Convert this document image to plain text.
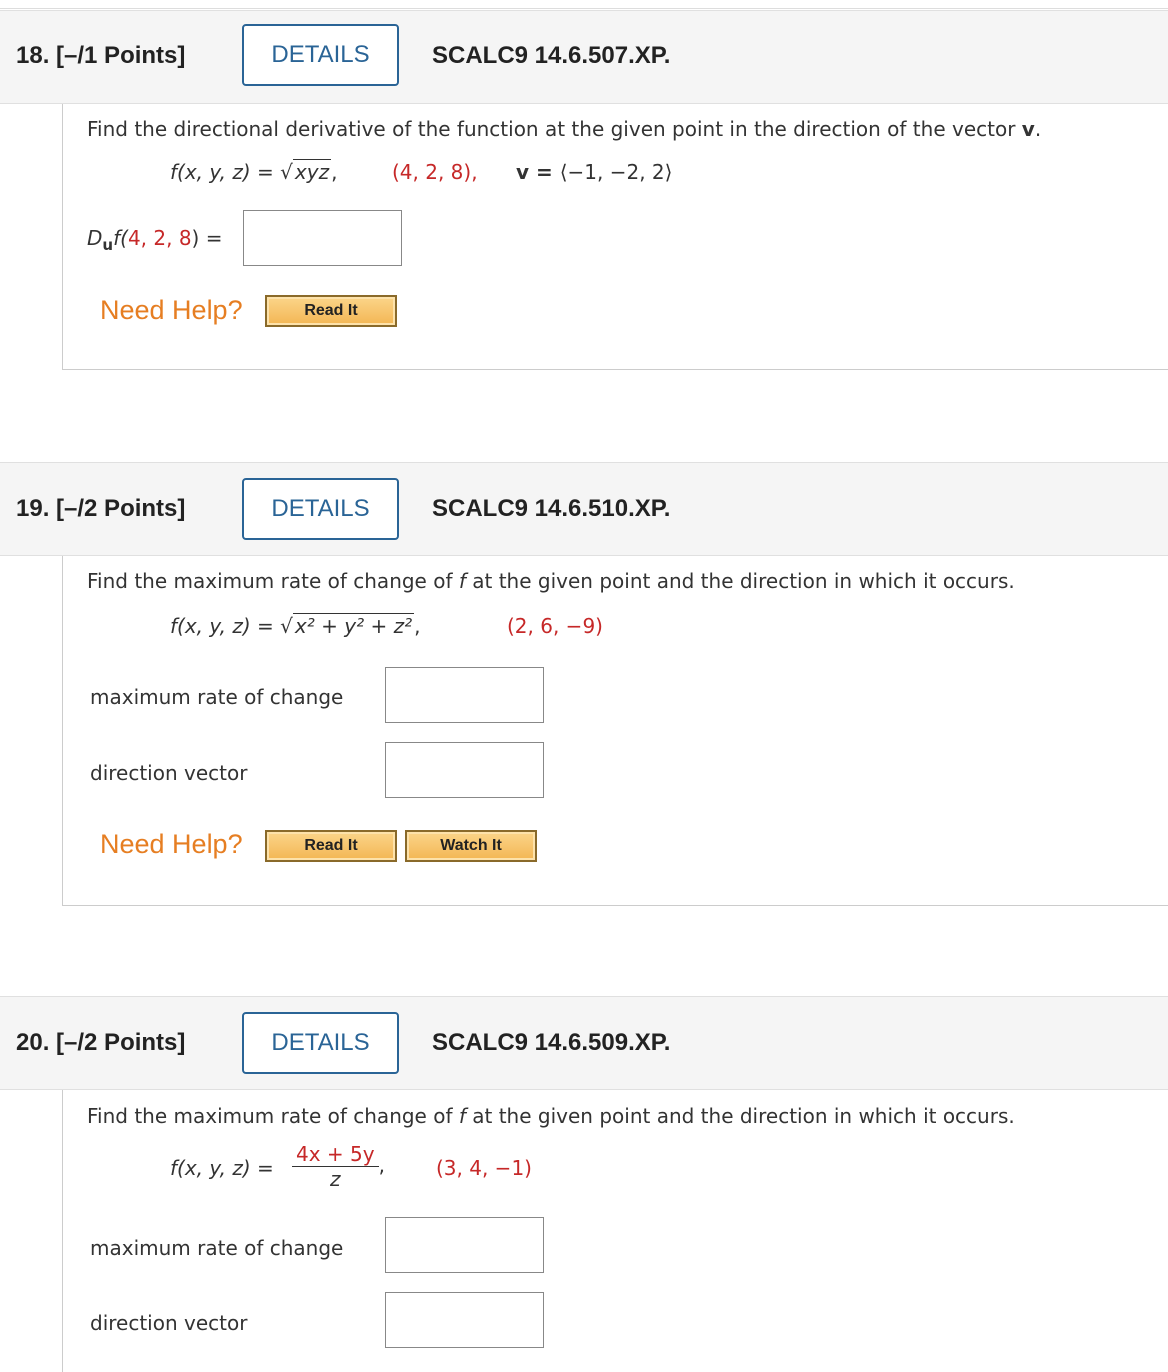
18. [–/1 Points]	DETAILS	SCALC9 14.6.507.XP.
Find the directional derivative of the function at the given point in the direction of the vector v.
f(x, y, z) = √ xyz ,	(4, 2, 8), v = ⟨−1, −2, 2⟩
$D_uf(4$, 2, 8) =
Need Help?	Read It
19. [–/2 Points]	DETAILS	SCALC9 14.6.510.XP.
Find the maximum rate of change of f at the given point and the direction in which it occurs.
f(x, y, z) = √ x² + y² + z² ,	(2, 6, −9)
maximum rate of change
direction vector
Need Help?	Read It	Watch It
20. [–/2 Points]	DETAILS	SCALC9 14.6.509.XP.
Find the maximum rate of change of f at the given point and the direction in which it occurs.
f(x, y, $z) = \frac{4x + 5y}{z}$ ,	(3, 4, −1)
maximum rate of change
direction vector
